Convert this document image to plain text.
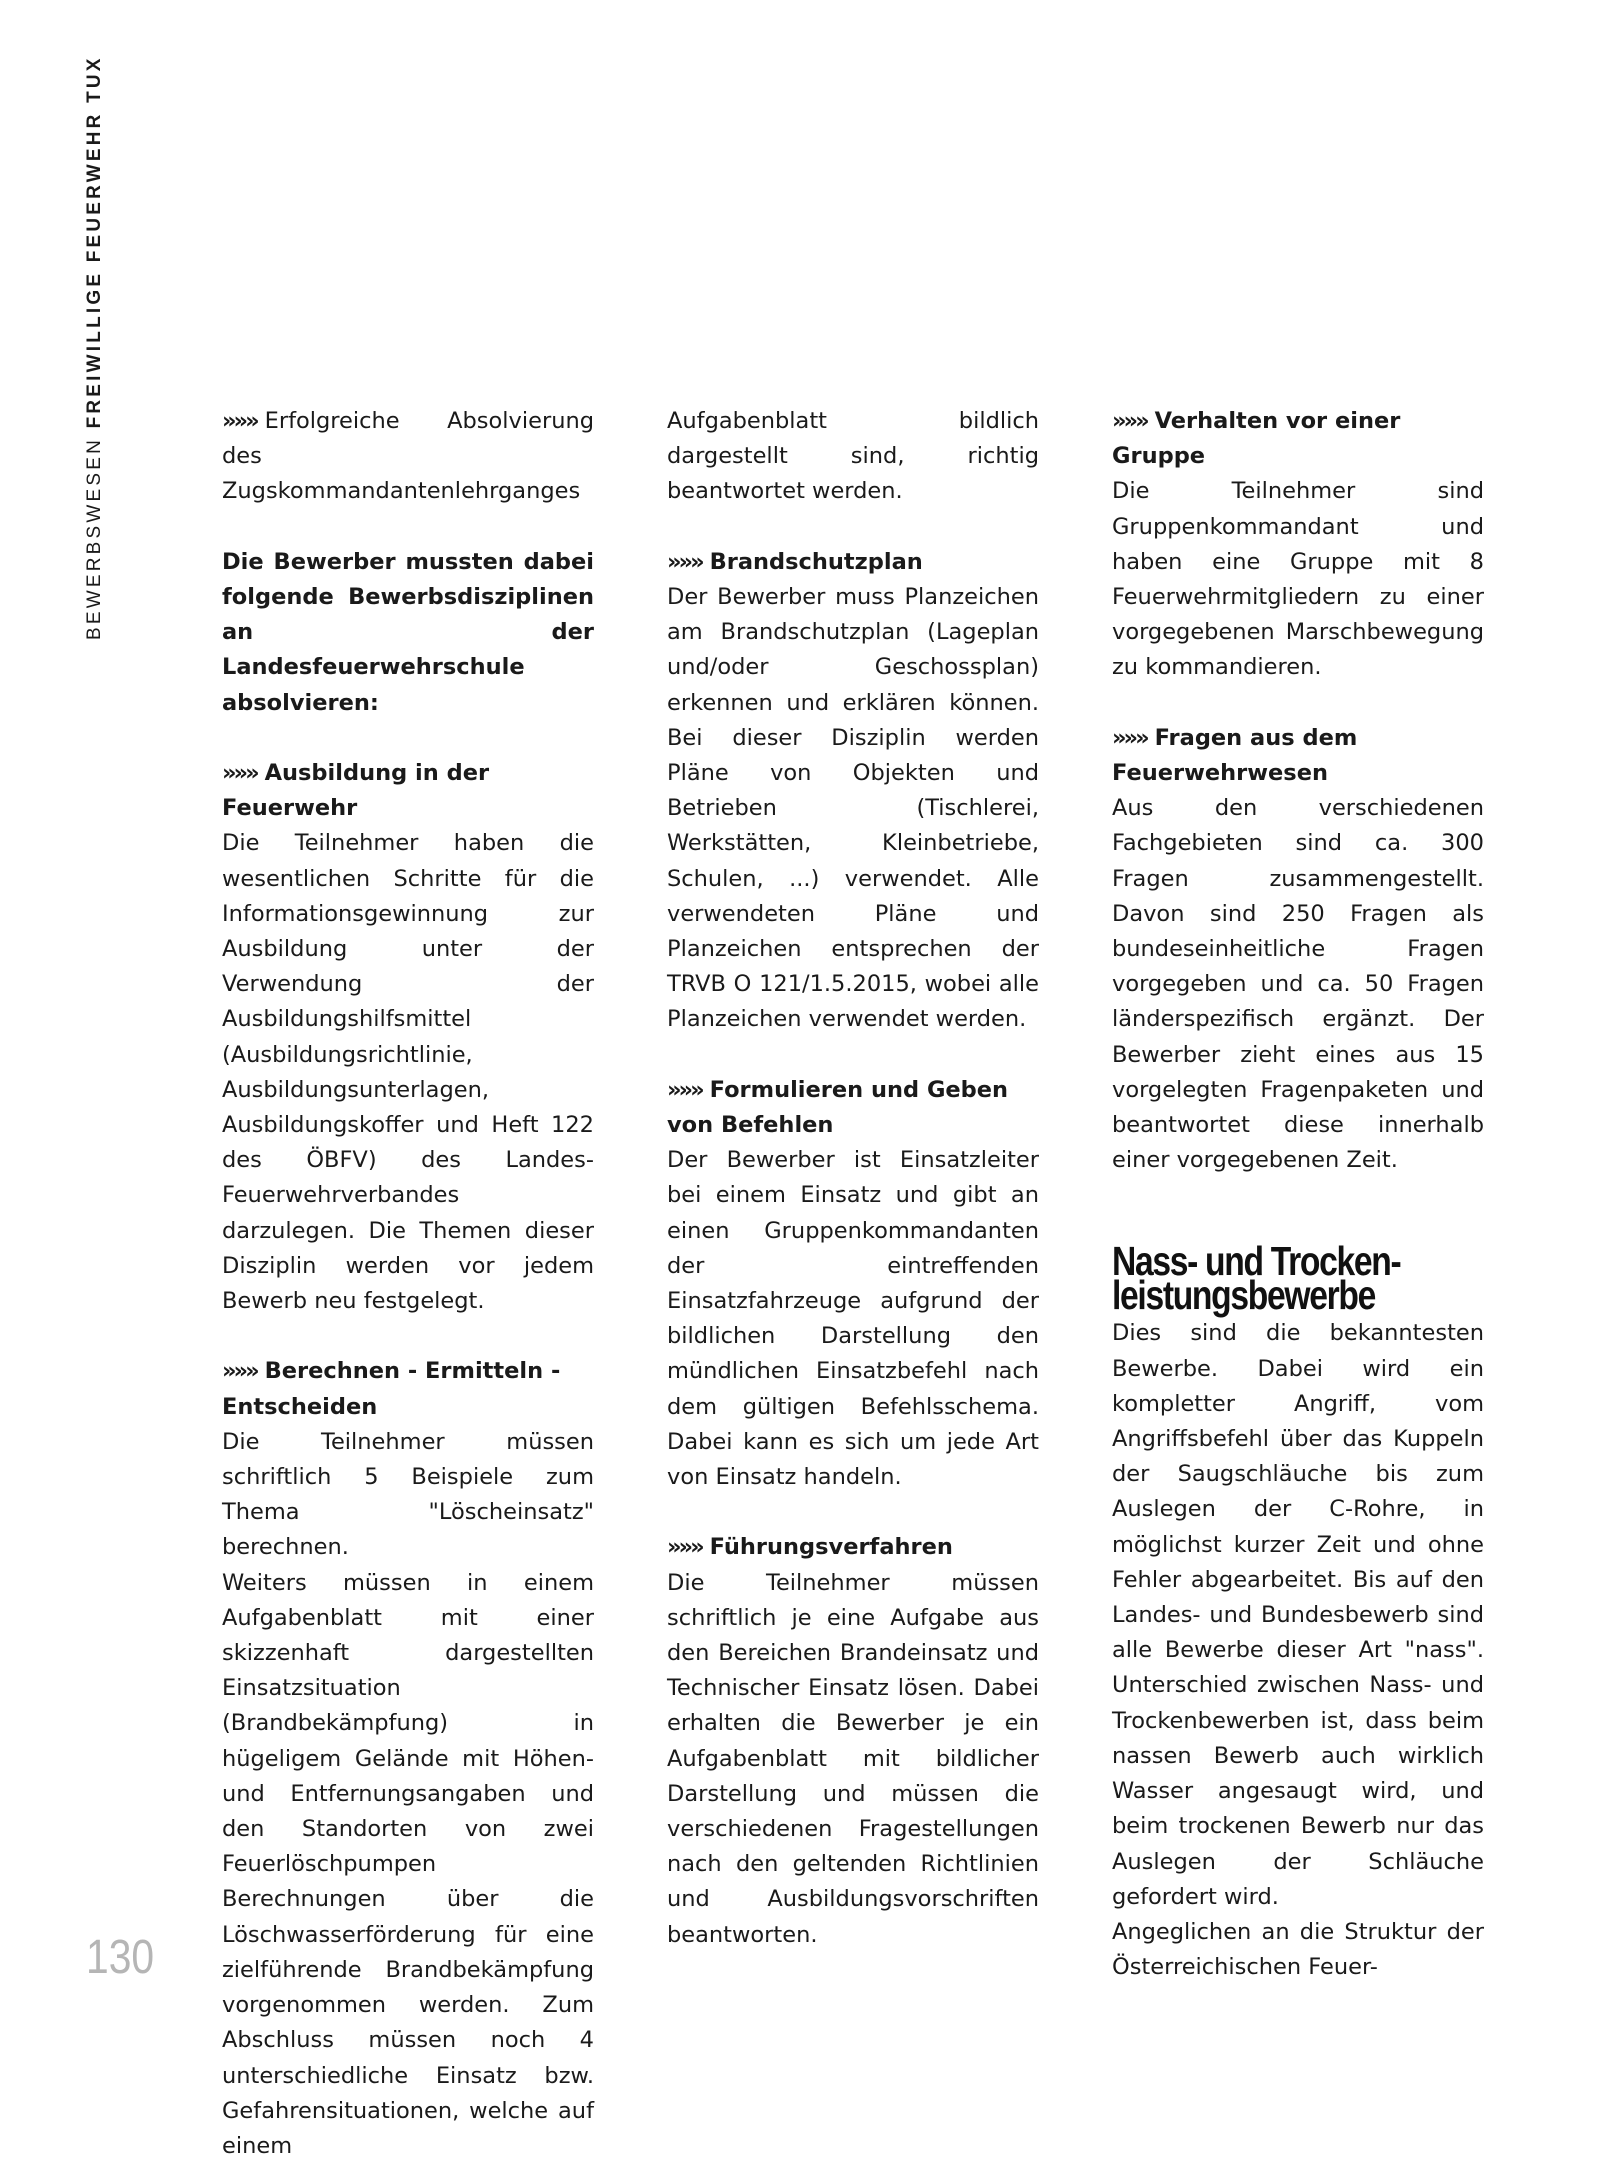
BEWERBSWESEN FREIWILLIGE FEUERWEHR TUX	»»» Erfolgreiche Absolvierung des Zugskommandantenlehrganges

Die Bewerber mussten dabei folgende Bewerbsdisziplinen an der Landesfeuerwehrschule absolvieren:

»»» Ausbildung in der Feuerwehr

Die Teilnehmer haben die wesentlichen Schritte für die Informationsgewinnung zur Ausbildung unter der Verwendung der Ausbildungshilfsmittel (Ausbildungsrichtlinie, Ausbildungsunterlagen, Ausbildungskoffer und Heft 122 des ÖBFV) des Landes-Feuerwehrverbandes darzulegen. Die Themen dieser Disziplin werden vor jedem Bewerb neu festgelegt.

»»» Berechnen - Ermitteln - Entscheiden

Die Teilnehmer müssen schriftlich 5 Beispiele zum Thema "Löscheinsatz" berechnen.

Weiters müssen in einem Aufgabenblatt mit einer skizzenhaft dargestellten Einsatzsituation (Brandbekämpfung) in hügeligem Gelände mit Höhen- und Entfernungsangaben und den Standorten von zwei Feuerlöschpumpen Berechnungen über die Löschwasserförderung für eine zielführende Brandbekämpfung vorgenommen werden. Zum Abschluss müssen noch 4 unterschiedliche Einsatz bzw. Gefahrensituationen, welche auf einem

Aufgabenblatt bildlich dargestellt sind, richtig beantwortet werden.

»»» Brandschutzplan

Der Bewerber muss Planzeichen am Brandschutzplan (Lageplan und/oder Geschossplan) erkennen und erklären können. Bei dieser Disziplin werden Pläne von Objekten und Betrieben (Tischlerei, Werkstätten, Kleinbetriebe, Schulen, ...) verwendet. Alle verwendeten Pläne und Planzeichen entsprechen der TRVB O 121/1.5.2015, wobei alle Planzeichen verwendet werden.

»»» Formulieren und Geben von Befehlen

Der Bewerber ist Einsatzleiter bei einem Einsatz und gibt an einen Gruppenkommandanten der eintreffenden Einsatzfahrzeuge aufgrund der bildlichen Darstellung den mündlichen Einsatzbefehl nach dem gültigen Befehlsschema. Dabei kann es sich um jede Art von Einsatz handeln.

»»» Führungsverfahren

Die Teilnehmer müssen schriftlich je eine Aufgabe aus den Bereichen Brandeinsatz und Technischer Einsatz lösen. Dabei erhalten die Bewerber je ein Aufgabenblatt mit bildlicher Darstellung und müssen die verschiedenen Fragestellungen nach den geltenden Richtlinien und Ausbildungsvorschriften beantworten.

»»» Verhalten vor einer Gruppe

Die Teilnehmer sind Gruppenkommandant und haben eine Gruppe mit 8 Feuerwehrmitgliedern zu einer vorgegebenen Marschbewegung zu kommandieren.

»»» Fragen aus dem Feuerwehrwesen

Aus den verschiedenen Fachgebieten sind ca. 300 Fragen zusammengestellt. Davon sind 250 Fragen als bundeseinheitliche Fragen vorgegeben und ca. 50 Fragen länderspezifisch ergänzt. Der Bewerber zieht eines aus 15 vorgelegten Fragenpaketen und beantwortet diese innerhalb einer vorgegebenen Zeit.

Nass- und Trocken-
leistungsbewerbe

Dies sind die bekanntesten Bewerbe. Dabei wird ein kompletter Angriff, vom Angriffsbefehl über das Kuppeln der Saugschläuche bis zum Auslegen der C-Rohre, in möglichst kurzer Zeit und ohne Fehler abgearbeitet. Bis auf den Landes- und Bundesbewerb sind alle Bewerbe dieser Art "nass". Unterschied zwischen Nass- und Trockenbewerben ist, dass beim nassen Bewerb auch wirklich Wasser angesaugt wird, und beim trockenen Bewerb nur das Auslegen der Schläuche gefordert wird.

Angeglichen an die Struktur der Österreichischen Feuer-

130
